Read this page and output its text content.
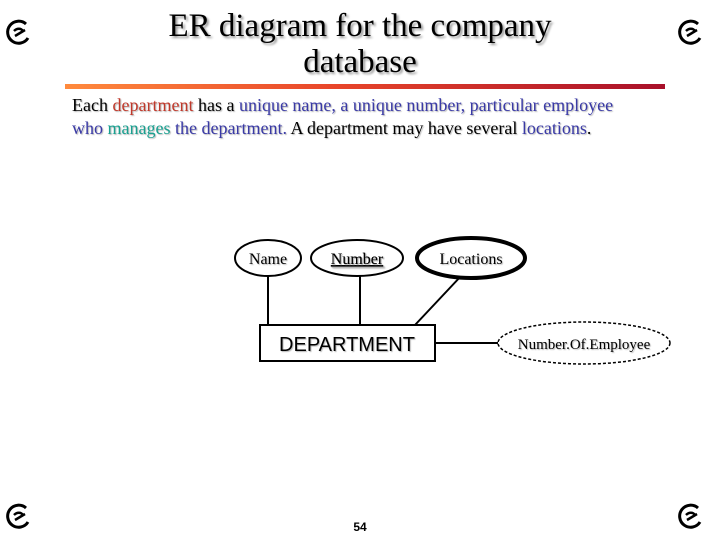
ER diagram for the company
database
Each department has a unique name, a unique number, particular employee
who manages the department. A department may have several locations.
Name	Number	Locations
DEPARTMENT	Number.Of.Employee
54
